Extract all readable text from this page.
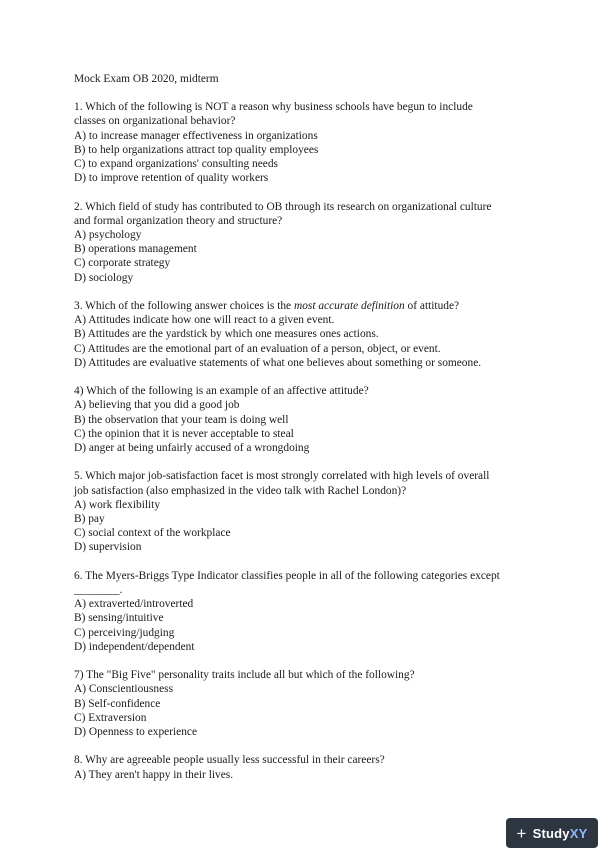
Mock Exam OB 2020, midterm

1. Which of the following is NOT a reason why business schools have begun to include

classes on organizational behavior?

A) to increase manager effectiveness in organizations

B) to help organizations attract top quality employees

C) to expand organizations' consulting needs

D) to improve retention of quality workers

2. Which field of study has contributed to OB through its research on organizational culture

and formal organization theory and structure?

A) psychology

B) operations management

C) corporate strategy

D) sociology

3. Which of the following answer choices is the most accurate definition of attitude?

A) Attitudes indicate how one will react to a given event.

B) Attitudes are the yardstick by which one measures ones actions.

C) Attitudes are the emotional part of an evaluation of a person, object, or event.

D) Attitudes are evaluative statements of what one believes about something or someone.

4) Which of the following is an example of an affective attitude?

A) believing that you did a good job

B) the observation that your team is doing well

C) the opinion that it is never acceptable to steal

D) anger at being unfairly accused of a wrongdoing

5. Which major job-satisfaction facet is most strongly correlated with high levels of overall

job satisfaction (also emphasized in the video talk with Rachel London)?

A) work flexibility

B) pay

C) social context of the workplace

D) supervision

6. The Myers-Briggs Type Indicator classifies people in all of the following categories except

________.

A) extraverted/introverted

B) sensing/intuitive

C) perceiving/judging

D) independent/dependent

7) The "Big Five" personality traits include all but which of the following?

A) Conscientiousness

B) Self-confidence

C) Extraversion

D) Openness to experience

8. Why are agreeable people usually less successful in their careers?

A) They aren't happy in their lives.

+ Study XY
